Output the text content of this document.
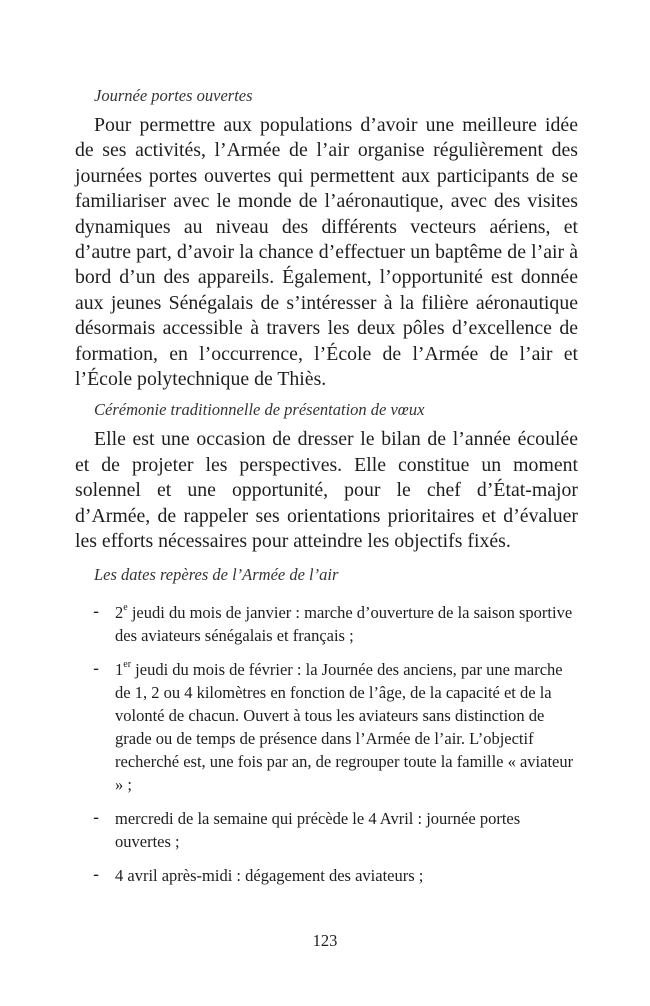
Journée portes ouvertes

Pour permettre aux populations d’avoir une meilleure idée de ses activités, l’Armée de l’air organise régulièrement des journées portes ouvertes qui permettent aux participants de se familiariser avec le monde de l’aéronautique, avec des visites dynamiques au niveau des différents vecteurs aériens, et d’autre part, d’avoir la chance d’effectuer un baptême de l’air à bord d’un des appareils. Également, l’opportunité est donnée aux jeunes Sénégalais de s’intéresser à la filière aéronautique désormais accessible à travers les deux pôles d’excellence de formation, en l’occurrence, l’École de l’Armée de l’air et l’École polytechnique de Thiès.

Cérémonie traditionnelle de présentation de vœux

Elle est une occasion de dresser le bilan de l’année écoulée et de projeter les perspectives. Elle constitue un moment solennel et une opportunité, pour le chef d’État-major d’Armée, de rappeler ses orientations prioritaires et d’évaluer les efforts nécessaires pour atteindre les objectifs fixés.

Les dates repères de l’Armée de l’air
- 2e jeudi du mois de janvier : marche d’ouverture de la saison sportive des aviateurs sénégalais et français ;
- 1er jeudi du mois de février : la Journée des anciens, par une marche de 1, 2 ou 4 kilomètres en fonction de l’âge, de la capacité et de la volonté de chacun. Ouvert à tous les aviateurs sans distinction de grade ou de temps de présence dans l’Armée de l’air. L’objectif recherché est, une fois par an, de regrouper toute la famille « aviateur » ;
- mercredi de la semaine qui précède le 4 Avril : journée portes ouvertes ;
- 4 avril après-midi : dégagement des aviateurs ;
123
